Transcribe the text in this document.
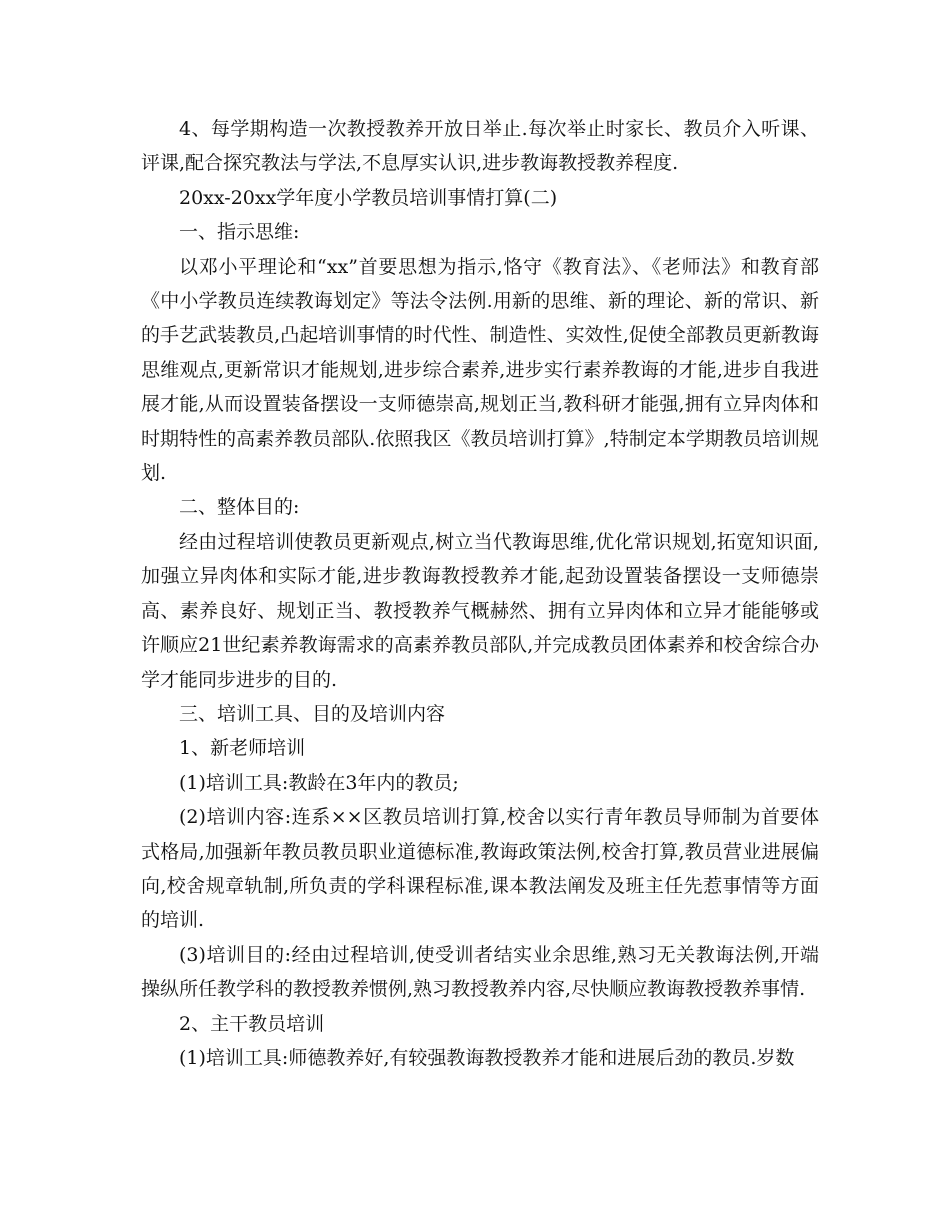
4、每学期构造一次教授教养开放日举止.每次举止时家长、教员介入听课、评课,配合探究教法与学法,不息厚实认识,进步教诲教授教养程度.

20xx-20xx学年度小学教员培训事情打算(二)

一、指示思维:

以邓小平理论和“xx”首要思想为指示,恪守《教育法》、《老师法》和教育部《中小学教员连续教诲划定》等法令法例.用新的思维、新的理论、新的常识、新的手艺武装教员,凸起培训事情的时代性、制造性、实效性,促使全部教员更新教诲思维观点,更新常识才能规划,进步综合素养,进步实行素养教诲的才能,进步自我进展才能,从而设置装备摆设一支师德崇高,规划正当,教科研才能强,拥有立异肉体和时期特性的高素养教员部队.依照我区《教员培训打算》,特制定本学期教员培训规划.

二、整体目的:

经由过程培训使教员更新观点,树立当代教诲思维,优化常识规划,拓宽知识面,加强立异肉体和实际才能,进步教诲教授教养才能,起劲设置装备摆设一支师德崇高、素养良好、规划正当、教授教养气概赫然、拥有立异肉体和立异才能能够或许顺应21世纪素养教诲需求的高素养教员部队,并完成教员团体素养和校舍综合办学才能同步进步的目的.

三、培训工具、目的及培训内容

1、新老师培训

(1)培训工具:教龄在3年内的教员;

(2)培训内容:连系××区教员培训打算,校舍以实行青年教员导师制为首要体式格局,加强新年教员教员职业道德标准,教诲政策法例,校舍打算,教员营业进展偏向,校舍规章轨制,所负责的学科课程标准,课本教法阐发及班主任先惹事情等方面的培训.

(3)培训目的:经由过程培训,使受训者结实业余思维,熟习无关教诲法例,开端操纵所任教学科的教授教养惯例,熟习教授教养内容,尽快顺应教诲教授教养事情.

2、主干教员培训

(1)培训工具:师德教养好,有较强教诲教授教养才能和进展后劲的教员.岁数
